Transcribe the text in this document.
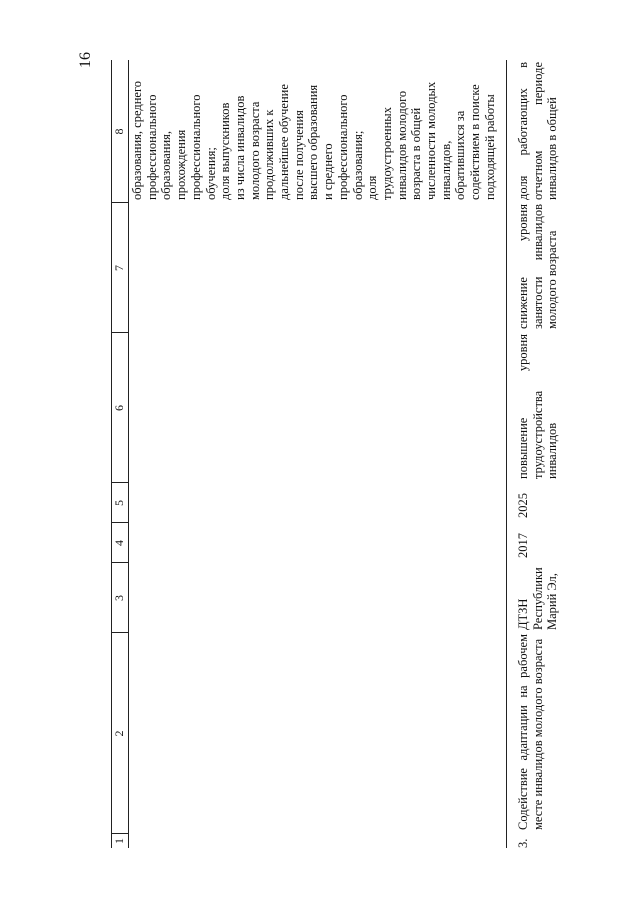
16
1
2
3
4
5
6
7
8 образования, среднего профессионального образования, прохождения профессионального обучения; доля выпускников из числа инвалидов молодого возраста продолживших к дальнейшее обучение после получения высшего образования и среднего профессионального образования; доля трудоустроенных инвалидов молодого возраста в общей численности молодых инвалидов, обратившихся за содействием в поиске подходящей работы
3.
Содействие адаптации на рабочем месте инвалидов молодого возраста
ДТЗН Республики Марий Эл,
2017
2025
повышение уровня трудоустройства инвалидов
снижение уровня занятости инвалидов молодого возраста
доля работающих в отчетном периоде инвалидов в общей
